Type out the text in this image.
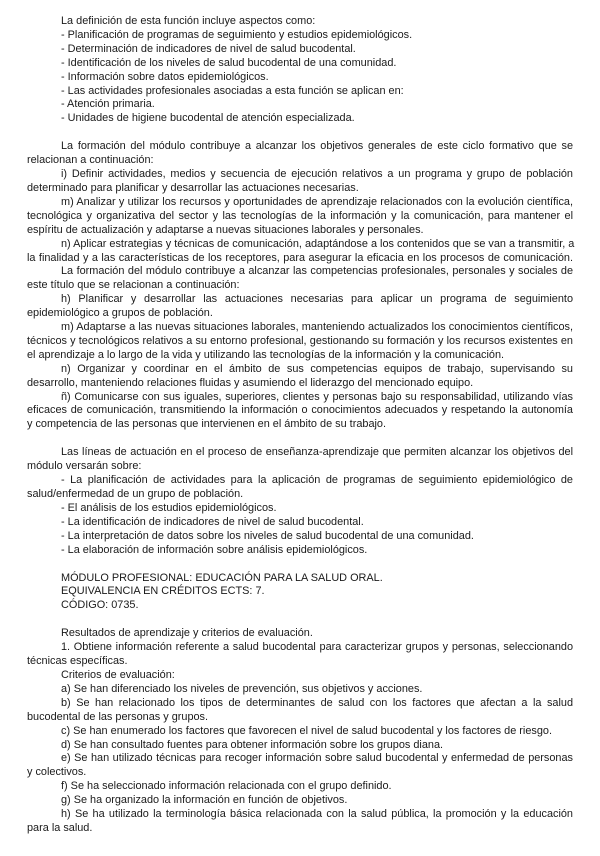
La definición de esta función incluye aspectos como:
- Planificación de programas de seguimiento y estudios epidemiológicos.
- Determinación de indicadores de nivel de salud bucodental.
- Identificación de los niveles de salud bucodental de una comunidad.
- Información sobre datos epidemiológicos.
- Las actividades profesionales asociadas a esta función se aplican en:
- Atención primaria.
- Unidades de higiene bucodental de atención especializada.
La formación del módulo contribuye a alcanzar los objetivos generales de este ciclo formativo que se
relacionan a continuación:
i) Definir actividades, medios y secuencia de ejecución relativos a un programa y grupo de población
determinado para planificar y desarrollar las actuaciones necesarias.
m) Analizar y utilizar los recursos y oportunidades de aprendizaje relacionados con la evolución científica,
tecnológica y organizativa del sector y las tecnologías de la información y la comunicación, para mantener el
espíritu de actualización y adaptarse a nuevas situaciones laborales y personales.
n) Aplicar estrategias y técnicas de comunicación, adaptándose a los contenidos que se van a transmitir, a
la finalidad y a las características de los receptores, para asegurar la eficacia en los procesos de comunicación.
La formación del módulo contribuye a alcanzar las competencias profesionales, personales y sociales de
este título que se relacionan a continuación:
h) Planificar y desarrollar las actuaciones necesarias para aplicar un programa de seguimiento
epidemiológico a grupos de población.
m) Adaptarse a las nuevas situaciones laborales, manteniendo actualizados los conocimientos científicos,
técnicos y tecnológicos relativos a su entorno profesional, gestionando su formación y los recursos existentes en
el aprendizaje a lo largo de la vida y utilizando las tecnologías de la información y la comunicación.
n) Organizar y coordinar en el ámbito de sus competencias equipos de trabajo, supervisando su
desarrollo, manteniendo relaciones fluidas y asumiendo el liderazgo del mencionado equipo.
ñ) Comunicarse con sus iguales, superiores, clientes y personas bajo su responsabilidad, utilizando vías
eficaces de comunicación, transmitiendo la información o conocimientos adecuados y respetando la autonomía
y competencia de las personas que intervienen en el ámbito de su trabajo.
Las líneas de actuación en el proceso de enseñanza-aprendizaje que permiten alcanzar los objetivos del
módulo versarán sobre:
- La planificación de actividades para la aplicación de programas de seguimiento epidemiológico de
salud/enfermedad de un grupo de población.
- El análisis de los estudios epidemiológicos.
- La identificación de indicadores de nivel de salud bucodental.
- La interpretación de datos sobre los niveles de salud bucodental de una comunidad.
- La elaboración de información sobre análisis epidemiológicos.
MÓDULO PROFESIONAL: EDUCACIÓN PARA LA SALUD ORAL.
EQUIVALENCIA EN CRÉDITOS ECTS: 7.
CÓDIGO: 0735.
Resultados de aprendizaje y criterios de evaluación.
1. Obtiene información referente a salud bucodental para caracterizar grupos y personas, seleccionando
técnicas específicas.
Criterios de evaluación:
a) Se han diferenciado los niveles de prevención, sus objetivos y acciones.
b) Se han relacionado los tipos de determinantes de salud con los factores que afectan a la salud
bucodental de las personas y grupos.
c) Se han enumerado los factores que favorecen el nivel de salud bucodental y los factores de riesgo.
d) Se han consultado fuentes para obtener información sobre los grupos diana.
e) Se han utilizado técnicas para recoger información sobre salud bucodental y enfermedad de personas
y colectivos.
f) Se ha seleccionado información relacionada con el grupo definido.
g) Se ha organizado la información en función de objetivos.
h) Se ha utilizado la terminología básica relacionada con la salud pública, la promoción y la educación
para la salud.
